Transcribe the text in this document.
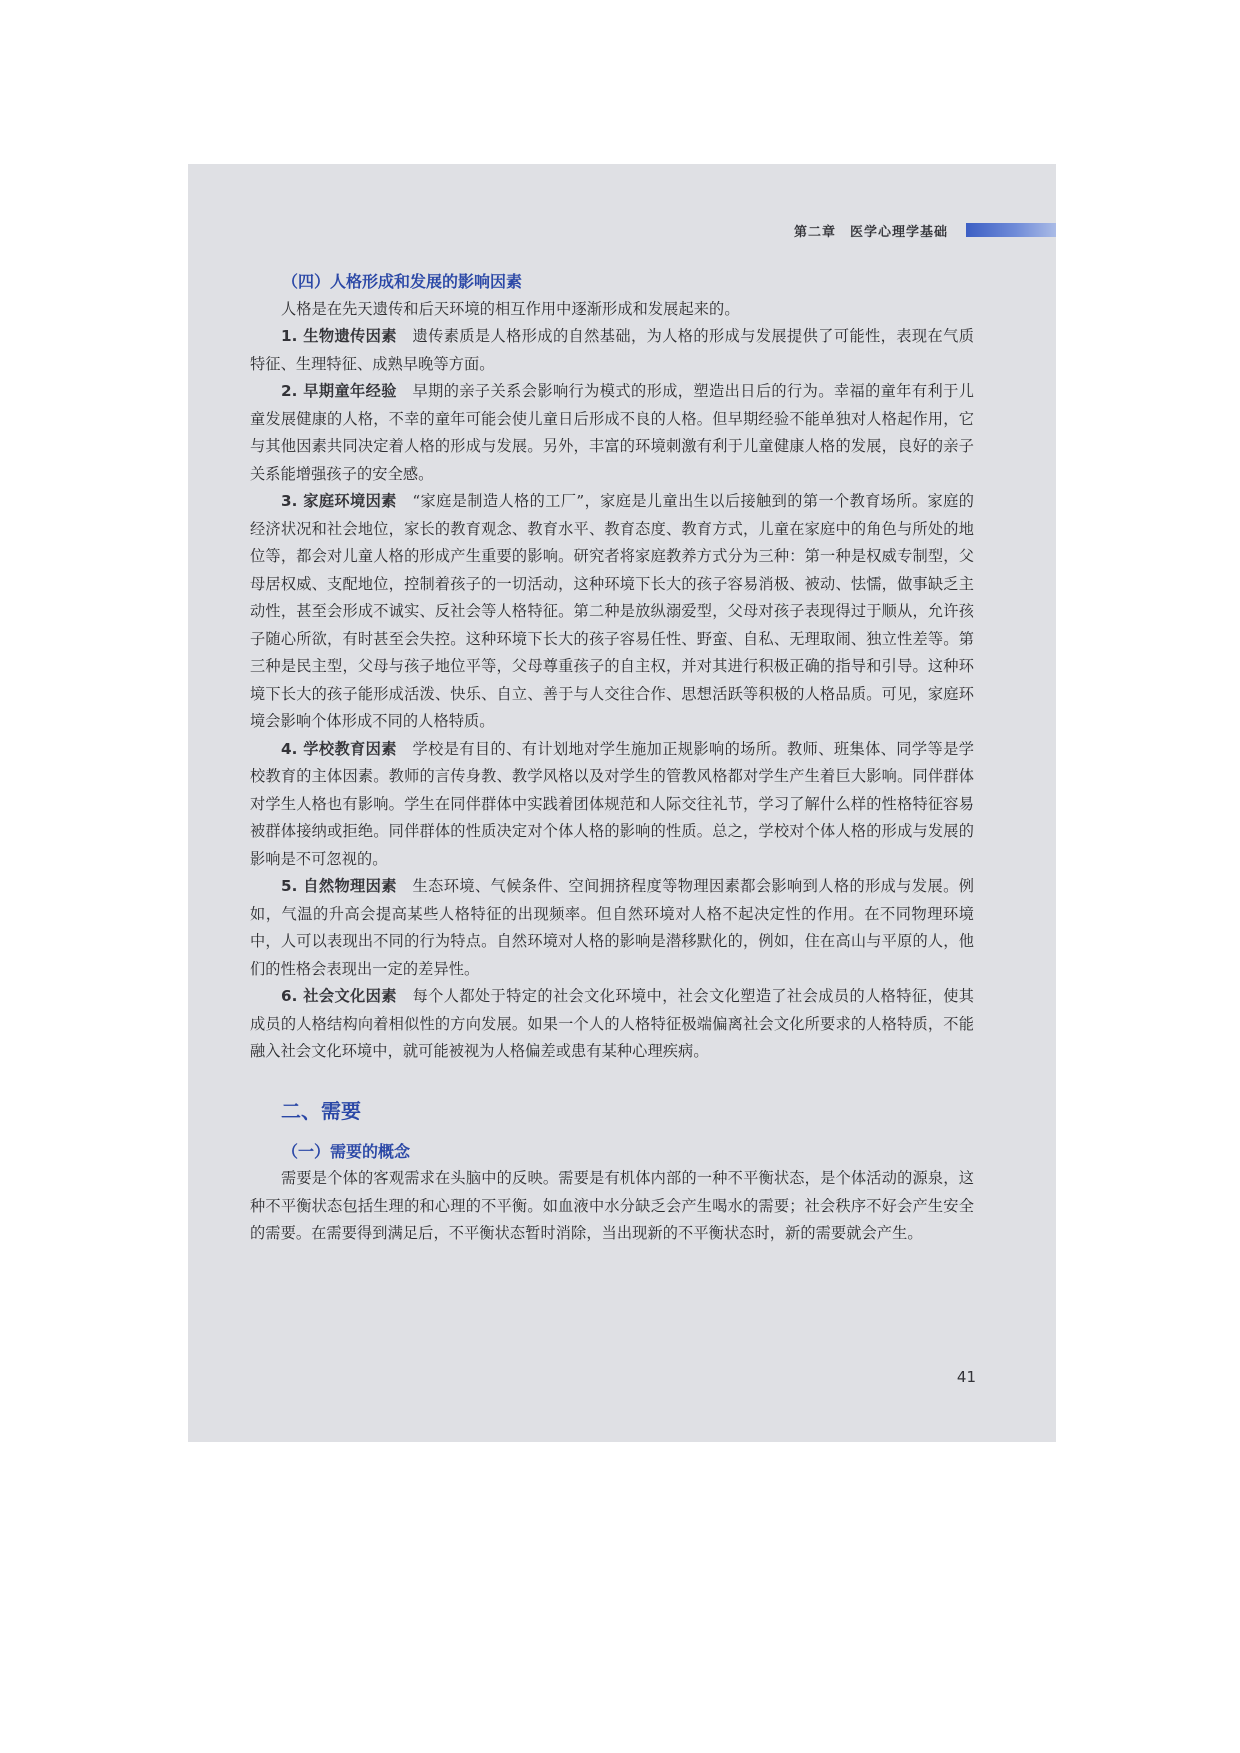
第二章　医学心理学基础
（四）人格形成和发展的影响因素

人格是在先天遗传和后天环境的相互作用中逐渐形成和发展起来的。

1. 生物遗传因素　 遗传素质是人格形成的自然基础，为人格的形成与发展提供了可能性，表现在气质特征、生理特征、成熟早晚等方面。

2. 早期童年经验　 早期的亲子关系会影响行为模式的形成，塑造出日后的行为。幸福的童年有利于儿童发展健康的人格，不幸的童年可能会使儿童日后形成不良的人格。但早期经验不能单独对人格起作用，它与其他因素共同决定着人格的形成与发展。另外，丰富的环境刺激有利于儿童健康人格的发展，良好的亲子关系能增强孩子的安全感。

3. 家庭环境因素　 “家庭是制造人格的工厂”，家庭是儿童出生以后接触到的第一个教育场所。家庭的经济状况和社会地位，家长的教育观念、教育水平、教育态度、教育方式，儿童在家庭中的角色与所处的地位等，都会对儿童人格的形成产生重要的影响。研究者将家庭教养方式分为三种：第一种是权威专制型，父母居权威、支配地位，控制着孩子的一切活动，这种环境下长大的孩子容易消极、被动、怯懦，做事缺乏主动性，甚至会形成不诚实、反社会等人格特征。第二种是放纵溺爱型，父母对孩子表现得过于顺从，允许孩子随心所欲，有时甚至会失控。这种环境下长大的孩子容易任性、野蛮、自私、无理取闹、独立性差等。第三种是民主型，父母与孩子地位平等，父母尊重孩子的自主权，并对其进行积极正确的指导和引导。这种环境下长大的孩子能形成活泼、快乐、自立、善于与人交往合作、思想活跃等积极的人格品质。可见，家庭环境会影响个体形成不同的人格特质。

4. 学校教育因素　 学校是有目的、有计划地对学生施加正规影响的场所。教师、班集体、同学等是学校教育的主体因素。教师的言传身教、教学风格以及对学生的管教风格都对学生产生着巨大影响。同伴群体对学生人格也有影响。学生在同伴群体中实践着团体规范和人际交往礼节，学习了解什么样的性格特征容易被群体接纳或拒绝。同伴群体的性质决定对个体人格的影响的性质。总之，学校对个体人格的形成与发展的影响是不可忽视的。

5. 自然物理因素　 生态环境、气候条件、空间拥挤程度等物理因素都会影响到人格的形成与发展。例如，气温的升高会提高某些人格特征的出现频率。但自然环境对人格不起决定性的作用。在不同物理环境中，人可以表现出不同的行为特点。自然环境对人格的影响是潜移默化的，例如，住在高山与平原的人，他们的性格会表现出一定的差异性。

6. 社会文化因素　 每个人都处于特定的社会文化环境中，社会文化塑造了社会成员的人格特征，使其成员的人格结构向着相似性的方向发展。如果一个人的人格特征极端偏离社会文化所要求的人格特质，不能融入社会文化环境中，就可能被视为人格偏差或患有某种心理疾病。

二、需要
（一）需要的概念

需要是个体的客观需求在头脑中的反映。需要是有机体内部的一种不平衡状态，是个体活动的源泉，这种不平衡状态包括生理的和心理的不平衡。如血液中水分缺乏会产生喝水的需要；社会秩序不好会产生安全的需要。在需要得到满足后，不平衡状态暂时消除，当出现新的不平衡状态时，新的需要就会产生。

41
